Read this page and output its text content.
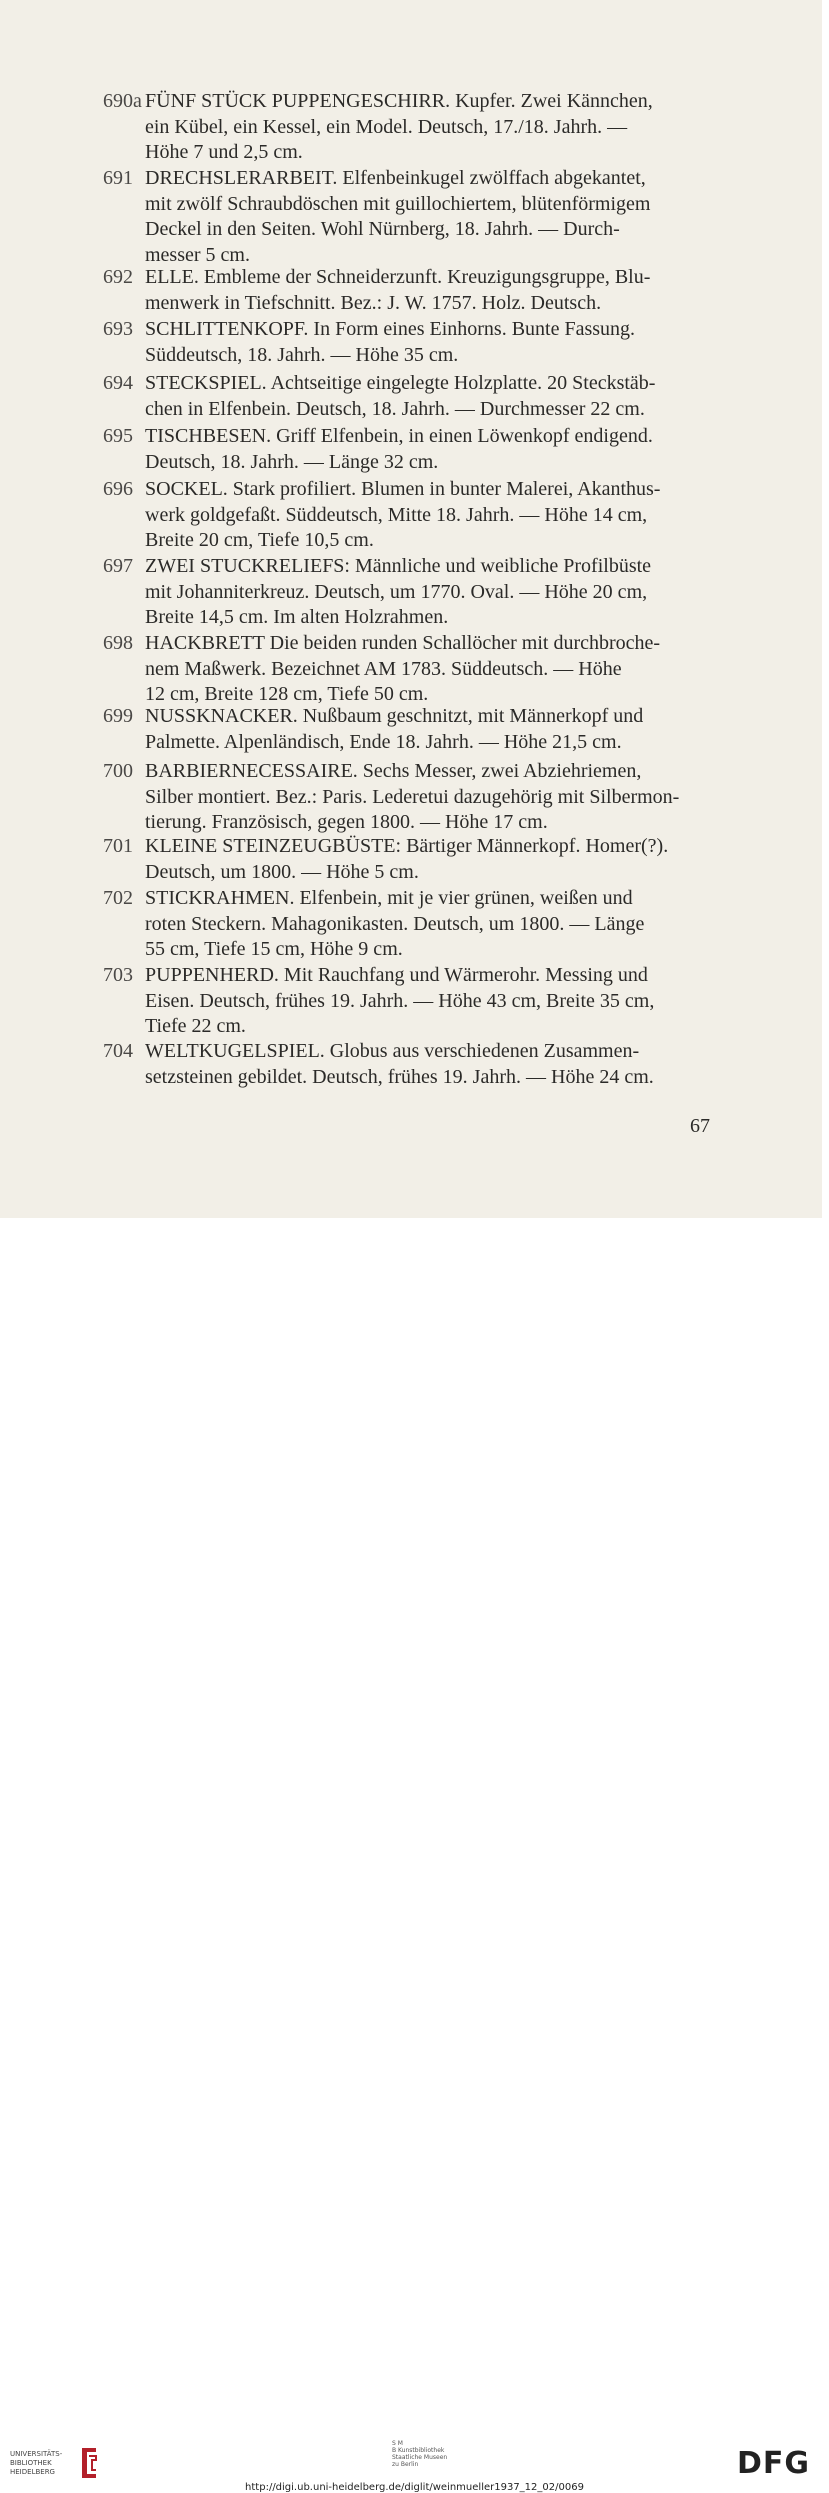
690a FÜNF STÜCK PUPPENGESCHIRR. Kupfer. Zwei Kännchen,
ein Kübel, ein Kessel, ein Model. Deutsch, 17./18. Jahrh. —
Höhe 7 und 2,5 cm.
691 DRECHSLERARBEIT. Elfenbeinkugel zwölffach abgekantet,
mit zwölf Schraubdöschen mit guillochiertem, blütenförmigem
Deckel in den Seiten. Wohl Nürnberg, 18. Jahrh. — Durch-
messer 5 cm.
692 ELLE. Embleme der Schneiderzunft. Kreuzigungsgruppe, Blu-
menwerk in Tiefschnitt. Bez.: J. W. 1757. Holz. Deutsch.
693 SCHLITTENKOPF. In Form eines Einhorns. Bunte Fassung.
Süddeutsch, 18. Jahrh. — Höhe 35 cm.
694 STECKSPIEL. Achtseitige eingelegte Holzplatte. 20 Steckstäb-
chen in Elfenbein. Deutsch, 18. Jahrh. — Durchmesser 22 cm.
695 TISCHBESEN. Griff Elfenbein, in einen Löwenkopf endigend.
Deutsch, 18. Jahrh. — Länge 32 cm.
696 SOCKEL. Stark profiliert. Blumen in bunter Malerei, Akanthus-
werk goldgefaßt. Süddeutsch, Mitte 18. Jahrh. — Höhe 14 cm,
Breite 20 cm, Tiefe 10,5 cm.
697 ZWEI STUCKRELIEFS: Männliche und weibliche Profilbüste
mit Johanniterkreuz. Deutsch, um 1770. Oval. — Höhe 20 cm,
Breite 14,5 cm. Im alten Holzrahmen.
698 HACKBRETT Die beiden runden Schallöcher mit durchbroche-
nem Maßwerk. Bezeichnet AM 1783. Süddeutsch. — Höhe
12 cm, Breite 128 cm, Tiefe 50 cm.
699 NUSSKNACKER. Nußbaum geschnitzt, mit Männerkopf und
Palmette. Alpenländisch, Ende 18. Jahrh. — Höhe 21,5 cm.
700 BARBIERNECESSAIRE. Sechs Messer, zwei Abziehriemen,
Silber montiert. Bez.: Paris. Lederetui dazugehörig mit Silbermon-
tierung. Französisch, gegen 1800. — Höhe 17 cm.
701 KLEINE STEINZEUGBÜSTE: Bärtiger Männerkopf. Homer(?).
Deutsch, um 1800. — Höhe 5 cm.
702 STICKRAHMEN. Elfenbein, mit je vier grünen, weißen und
roten Steckern. Mahagonikasten. Deutsch, um 1800. — Länge
55 cm, Tiefe 15 cm, Höhe 9 cm.
703 PUPPENHERD. Mit Rauchfang und Wärmerohr. Messing und
Eisen. Deutsch, frühes 19. Jahrh. — Höhe 43 cm, Breite 35 cm,
Tiefe 22 cm.
704 WELTKUGELSPIEL. Globus aus verschiedenen Zusammen-
setzsteinen gebildet. Deutsch, frühes 19. Jahrh. — Höhe 24 cm.
67
UNIVERSITÄTS-
BIBLIOTHEK
HEIDELBERG
S M
B Kunstbibliothek
Staatliche Museen
zu Berlin	DFG
http://digi.ub.uni-heidelberg.de/diglit/weinmueller1937_12_02/0069
